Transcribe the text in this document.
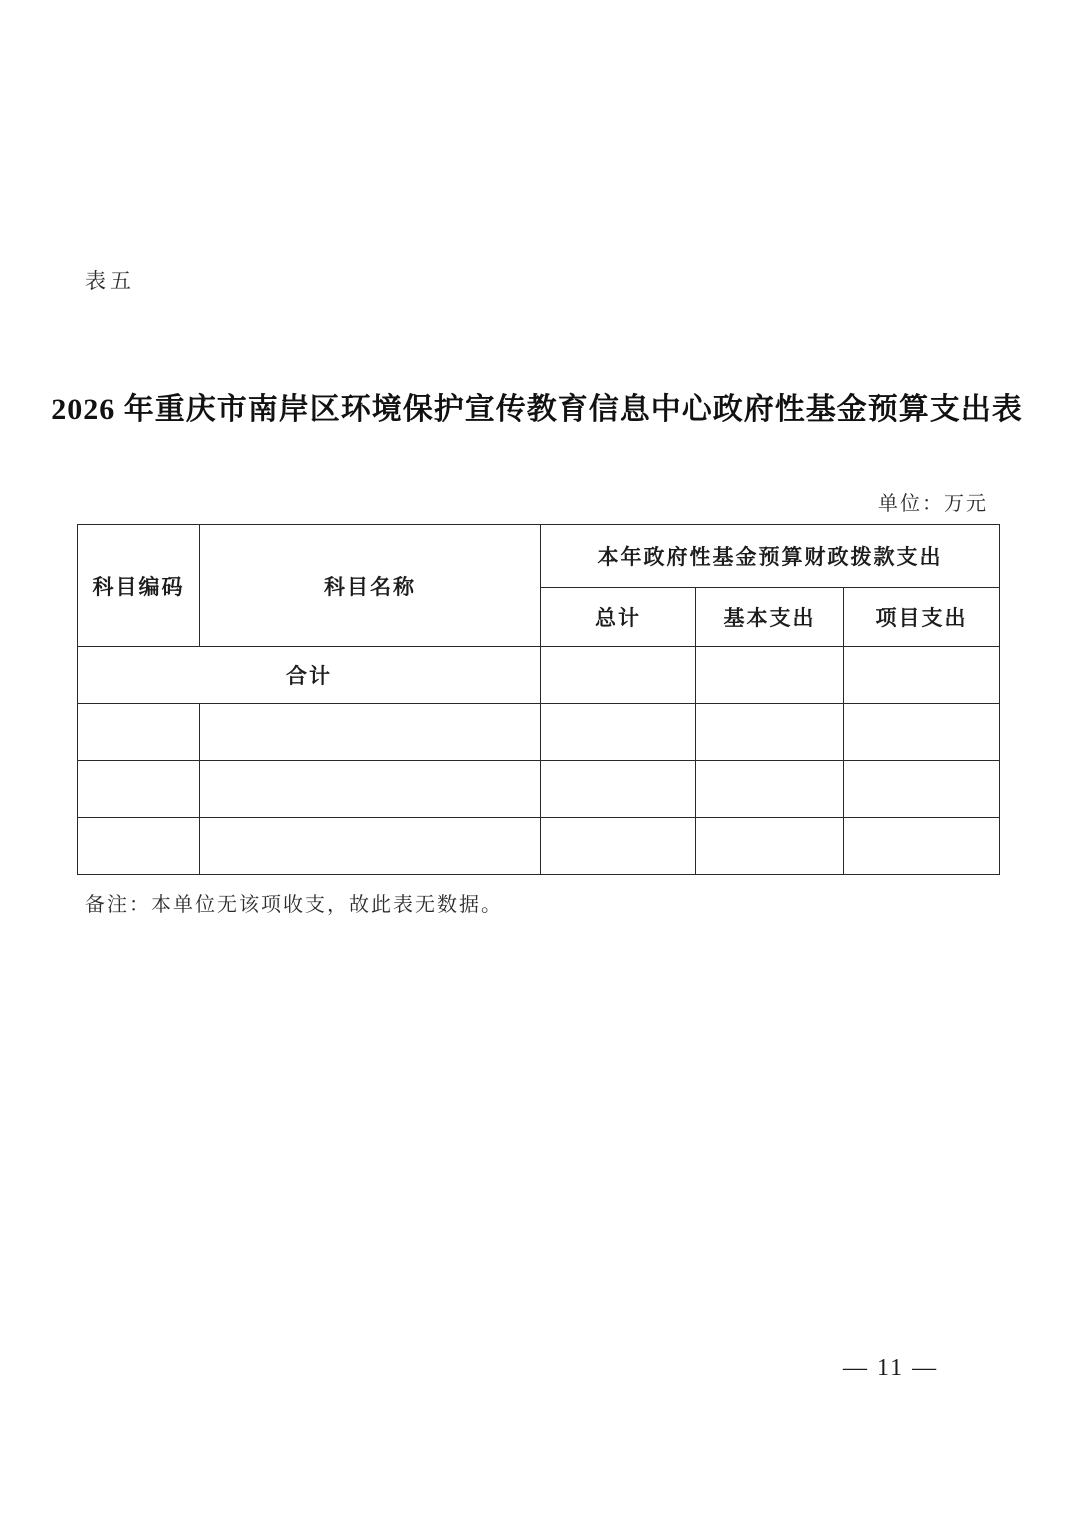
表五
2026 年重庆市南岸区环境保护宣传教育信息中心政府性基金预算支出表
单位：万元
科目编码	科目名称	本年政府性基金预算财政拨款支出		
		总计	基本支出	项目支出
合计				

备注：本单位无该项收支，故此表无数据。
— 11 —
